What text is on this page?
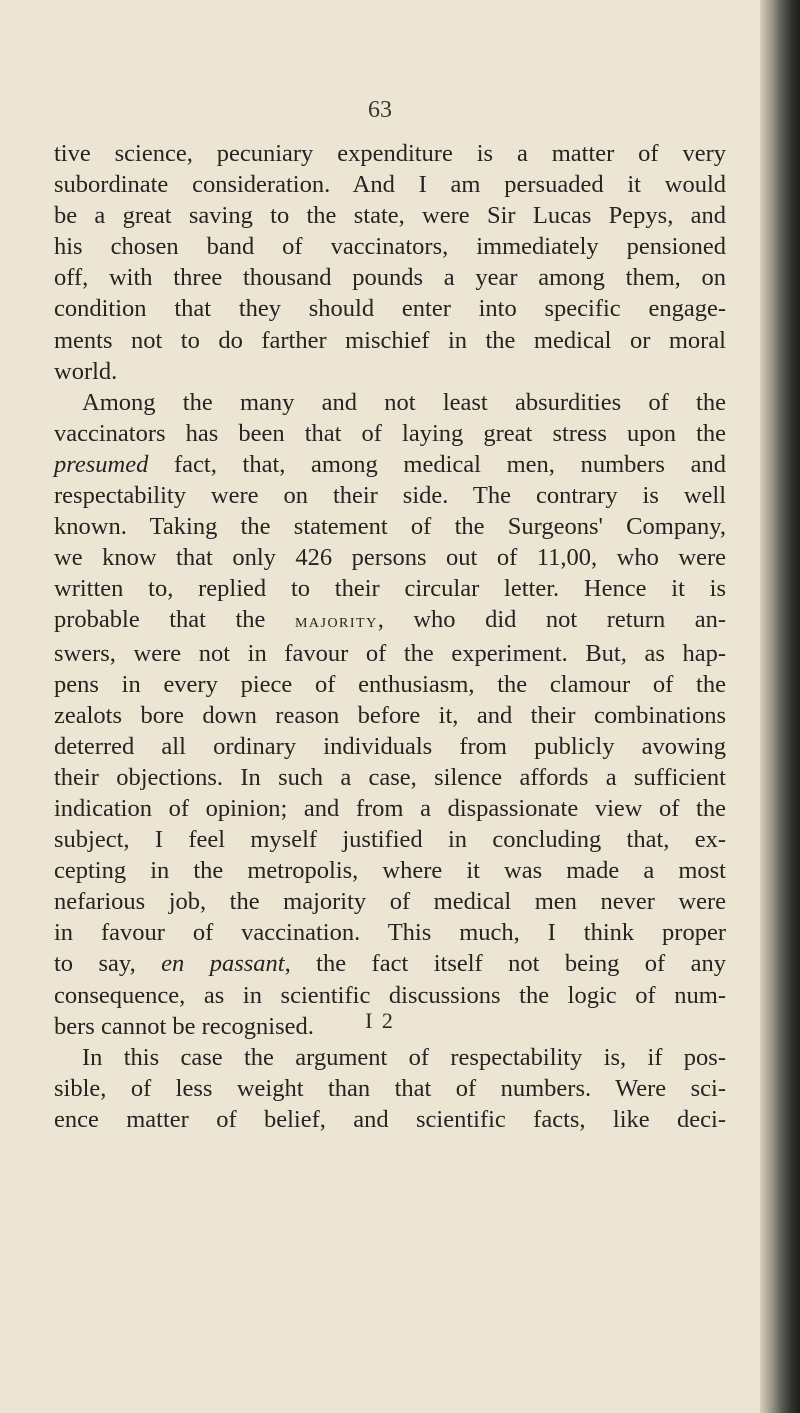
63
tive science, pecuniary expenditure is a matter of very
subordinate consideration. And I am persuaded it would
be a great saving to the state, were Sir Lucas Pepys, and
his chosen band of vaccinators, immediately pensioned
off, with three thousand pounds a year among them, on
condition that they should enter into specific engage-
ments not to do farther mischief in the medical or moral
world.
Among the many and not least absurdities of the
vaccinators has been that of laying great stress upon the
presumed fact, that, among medical men, numbers and
respectability were on their side. The contrary is well
known. Taking the statement of the Surgeons' Company,
we know that only 426 persons out of 11,00, who were
written to, replied to their circular letter. Hence it is
probable that the majority, who did not return an-
swers, were not in favour of the experiment. But, as hap-
pens in every piece of enthusiasm, the clamour of the
zealots bore down reason before it, and their combinations
deterred all ordinary individuals from publicly avowing
their objections. In such a case, silence affords a sufficient
indication of opinion; and from a dispassionate view of the
subject, I feel myself justified in concluding that, ex-
cepting in the metropolis, where it was made a most
nefarious job, the majority of medical men never were
in favour of vaccination. This much, I think proper
to say, en passant, the fact itself not being of any
consequence, as in scientific discussions the logic of num-
bers cannot be recognised.
In this case the argument of respectability is, if pos-
sible, of less weight than that of numbers. Were sci-
ence matter of belief, and scientific facts, like deci-
I 2
